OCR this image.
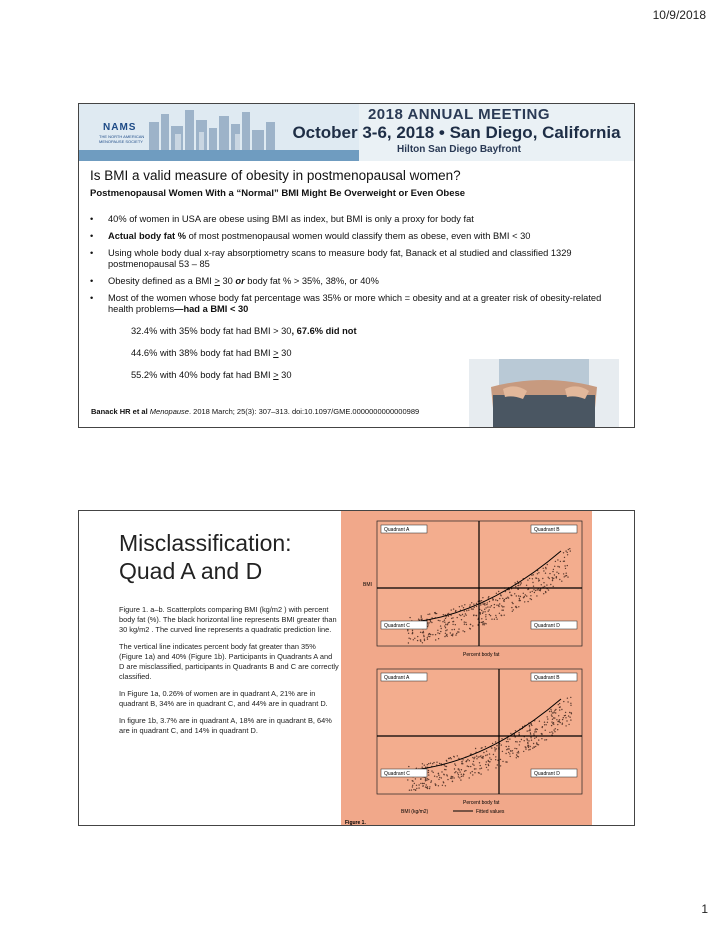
10/9/2018
NAMS
THE NORTH AMERICAN MENOPAUSE SOCIETY
2018 ANNUAL MEETING
October 3-6, 2018 • San Diego, California
Hilton San Diego Bayfront
Is BMI a valid measure of obesity in postmenopausal women?
Postmenopausal Women With a “Normal” BMI Might Be Overweight or Even Obese
• 40% of women in USA are obese using BMI as index, but BMI is only a proxy for body fat
• Actual body fat % of most postmenopausal women would classify them as obese, even with BMI < 30
• Using whole body dual x-ray absorptiometry scans to measure body fat, Banack et al studied and classified 1329 postmenopausal 53 – 85
• Obesity defined as a BMI > 30 or body fat % > 35%, 38%, or 40%
• Most of the women whose body fat percentage was 35% or more which = obesity and at a greater risk of obesity-related health problems—had a BMI < 30
32.4% with 35% body fat had BMI > 30, 67.6% did not
44.6% with 38% body fat had BMI > 30
55.2% with 40% body fat had BMI > 30
Banack HR et al Menopause. 2018 March; 25(3): 307–313. doi:10.1097/GME.0000000000000989
Misclassification: Quad A and D

Figure 1. a–b. Scatterplots comparing BMI (kg/m2 ) with percent body fat (%). The black horizontal line represents BMI greater than 30 kg/m2 . The curved line represents a quadratic prediction line.

The vertical line indicates percent body fat greater than 35% (Figure 1a) and 40% (Figure 1b). Participants in Quadrants A and D are misclassified, participants in Quadrants B and C are correctly classified.

In Figure 1a, 0.26% of women are in quadrant A, 21% are in quadrant B, 34% are in quadrant C, and 44% are in quadrant D.

In figure 1b, 3.7% are in quadrant A, 18% are in quadrant B, 64% are in quadrant C, and 14% in quadrant D.

Quadrant A	Quadrant B
Quadrant C	Quadrant D
Percent body fat
BMI
Quadrant A	Quadrant B
Quadrant C	Quadrant D
Percent body fat
BMI (kg/m2)	Fitted values
Figure 1.
1
